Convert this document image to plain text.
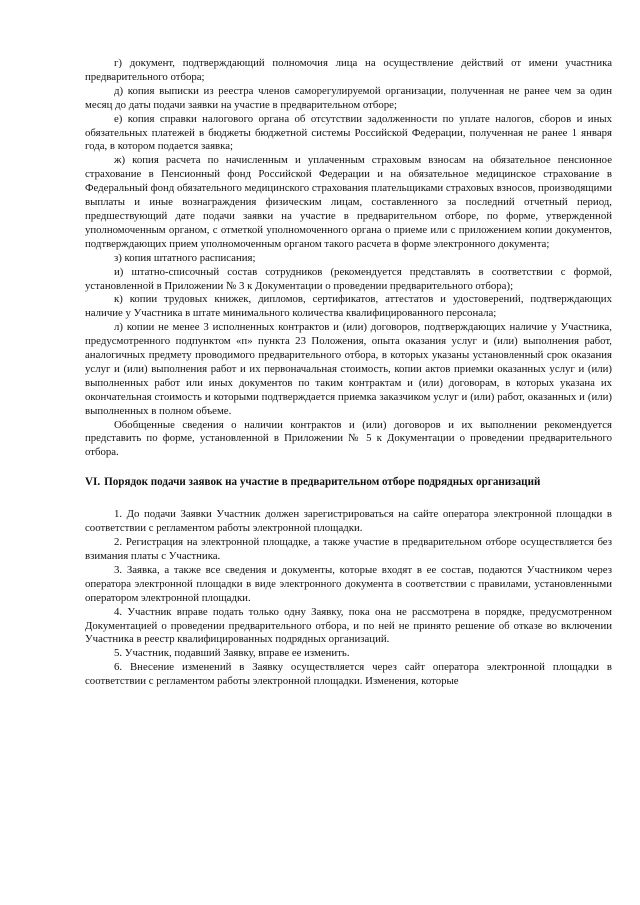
г) документ, подтверждающий полномочия лица на осуществление действий от имени участника предварительного отбора;

д) копия выписки из реестра членов саморегулируемой организации, полученная не ранее чем за один месяц до даты подачи заявки на участие в предварительном отборе;

е) копия справки налогового органа об отсутствии задолженности по уплате налогов, сборов и иных обязательных платежей в бюджеты бюджетной системы Российской Федерации, полученная не ранее 1 января года, в котором подается заявка;

ж) копия расчета по начисленным и уплаченным страховым взносам на обязательное пенсионное страхование в Пенсионный фонд Российской Федерации и на обязательное медицинское страхование в Федеральный фонд обязательного медицинского страхования плательщиками страховых взносов, производящими выплаты и иные вознаграждения физическим лицам, составленного за последний отчетный период, предшествующий дате подачи заявки на участие в предварительном отборе, по форме, утвержденной уполномоченным органом, с отметкой уполномоченного органа о приеме или с приложением копии документов, подтверждающих прием уполномоченным органом такого расчета в форме электронного документа;

з) копия штатного расписания;

и) штатно-списочный состав сотрудников (рекомендуется представлять в соответствии с формой, установленной в Приложении № 3 к Документации о проведении предварительного отбора);

к) копии трудовых книжек, дипломов, сертификатов, аттестатов и удостоверений, подтверждающих наличие у Участника в штате минимального количества квалифицированного персонала;

л) копии не менее 3 исполненных контрактов и (или) договоров, подтверждающих наличие у Участника, предусмотренного подпунктом «п» пункта 23 Положения, опыта оказания услуг и (или) выполнения работ, аналогичных предмету проводимого предварительного отбора, в которых указаны установленный срок оказания услуг и (или) выполнения работ и их первоначальная стоимость, копии актов приемки оказанных услуг и (или) выполненных работ или иных документов по таким контрактам и (или) договорам, в которых указана их окончательная стоимость и которыми подтверждается приемка заказчиком услуг и (или) работ, оказанных и (или) выполненных в полном объеме.

Обобщенные сведения о наличии контрактов и (или) договоров и их выполнении рекомендуется представить по форме, установленной в Приложении № 5 к Документации о проведении предварительного отбора.

VI. Порядок подачи заявок на участие в предварительном отборе подрядных организаций

1. До подачи Заявки Участник должен зарегистрироваться на сайте оператора электронной площадки в соответствии с регламентом работы электронной площадки.

2. Регистрация на электронной площадке, а также участие в предварительном отборе осуществляется без взимания платы с Участника.

3. Заявка, а также все сведения и документы, которые входят в ее состав, подаются Участником через оператора электронной площадки в виде электронного документа в соответствии с правилами, установленными оператором электронной площадки.

4. Участник вправе подать только одну Заявку, пока она не рассмотрена в порядке, предусмотренном Документацией о проведении предварительного отбора, и по ней не принято решение об отказе во включении Участника в реестр квалифицированных подрядных организаций.

5. Участник, подавший Заявку, вправе ее изменить.

6. Внесение изменений в Заявку осуществляется через сайт оператора электронной площадки в соответствии с регламентом работы электронной площадки. Изменения, которые
